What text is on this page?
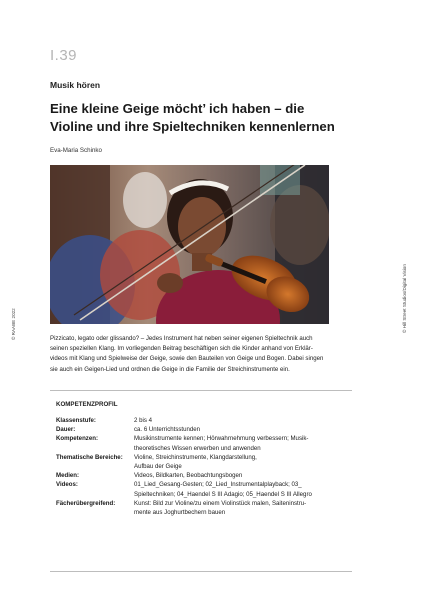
I.39
Musik hören
Eine kleine Geige möcht’ ich haben – die
Violine und ihre Spieltechniken kennenlernen
Eva-Maria Schinko
© RAABE 2022	© Hill Street Studios/Digital Vision
Pizzicato, legato oder glissando? – Jedes Instrument hat neben seiner eigenen Spieltechnik auch
seinen speziellen Klang. Im vorliegenden Beitrag beschäftigen sich die Kinder anhand von Erklär-
videos mit Klang und Spielweise der Geige, sowie den Bauteilen von Geige und Bogen. Dabei singen
sie auch ein Geigen-Lied und ordnen die Geige in die Familie der Streichinstrumente ein.
KOMPETENZPROFIL
Klassenstufe:	2 bis 4
Dauer:	ca. 6 Unterrichtsstunden
Kompetenzen:	Musikinstrumente kennen; Hörwahrnehmung verbessern; Musik-
theoretisches Wissen erwerben und anwenden
Thematische Bereiche:	Violine, Streichinstrumente, Klangdarstellung,
Aufbau der Geige
Medien:	Videos, Bildkarten, Beobachtungsbogen
Videos:	01_Lied_Gesang-Gesten; 02_Lied_Instrumentalplayback; 03_
Spieltechniken; 04_Haendel S III Adagio; 05_Haendel S III Allegro
Fächerübergreifend:	Kunst: Bild zur Violine/zu einem Violinstück malen, Saiteninstru-
mente aus Joghurtbechern bauen
